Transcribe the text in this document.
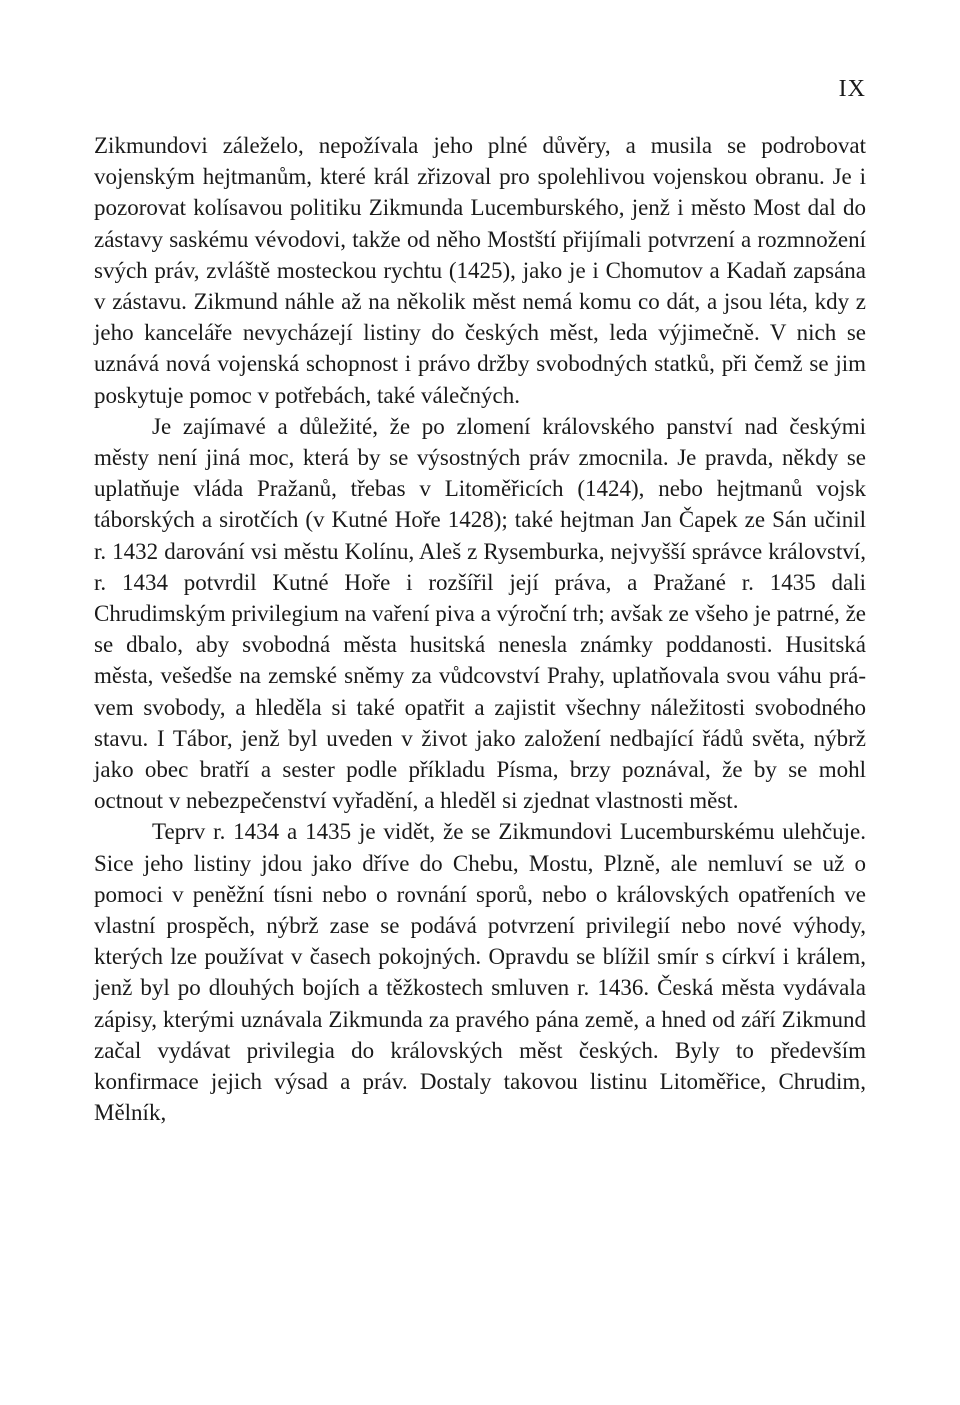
IX

Zikmundovi záleželo, nepožívala jeho plné důvěry, a musila se podrobovat vojenským hejtmanům, které král zřizoval pro spolehlivou vojenskou obranu. Je i pozorovat kolísavou politiku Zikmunda Lucemburského, jenž i město Most dal do zástavy saskému vévodovi, takže od něho Mostští přijímali potvrzení a rozmnožení svých práv, zvláště mosteckou rychtu (1425), jako je i Chomutov a Kadaň zapsána v zástavu. Zikmund náhle až na několik měst nemá komu co dát, a jsou léta, kdy z jeho kanceláře nevycházejí listiny do českých měst, leda výjimečně. V nich se uznává nová vojenská schopnost i právo držby svobodných statků, při čemž se jim poskytuje pomoc v potřebách, také válečných.

Je zajímavé a důležité, že po zlomení královského panství nad českými městy není jiná moc, která by se výsostných práv zmocnila. Je pravda, někdy se uplatňuje vláda Pražanů, třebas v Litoměřicích (1424), nebo hejtmanů vojsk táborských a sirotčích (v Kutné Hoře 1428); také hejtman Jan Čapek ze Sán učinil r. 1432 darování vsi městu Kolínu, Aleš z Rysemburka, nejvyšší správce království, r. 1434 potvrdil Kutné Hoře i rozšířil její práva, a Pražané r. 1435 dali Chrudimským privilegium na vaření piva a výroční trh; avšak ze všeho je patrné, že se dbalo, aby svobodná města husitská nenesla známky poddanosti. Husitská města, vešedše na zemské sněmy za vůdcovství Prahy, uplatňovala svou váhu právem svobody, a hleděla si také opatřit a zajistit všechny náležitosti svobodného stavu. I Tábor, jenž byl uveden v život jako založení nedbající řádů světa, nýbrž jako obec bratří a sester podle příkladu Písma, brzy poznával, že by se mohl octnout v nebezpečenství vyřadění, a hleděl si zjednat vlastnosti měst.

Teprv r. 1434 a 1435 je vidět, že se Zikmundovi Lucemburskému ulehčuje. Sice jeho listiny jdou jako dříve do Chebu, Mostu, Plzně, ale nemluví se už o pomoci v peněžní tísni nebo o rovnání sporů, nebo o královských opatřeních ve vlastní prospěch, nýbrž zase se podává potvrzení privilegií nebo nové výhody, kterých lze používat v časech pokojných. Opravdu se blížil smír s církví i králem, jenž byl po dlouhých bojích a těžkostech smluven r. 1436. Česká města vydávala zápisy, kterými uznávala Zikmunda za pravého pána země, a hned od září Zikmund začal vydávat privilegia do královských měst českých. Byly to především konfirmace jejich výsad a práv. Dostaly takovou listinu Litoměřice, Chrudim, Mělník,
